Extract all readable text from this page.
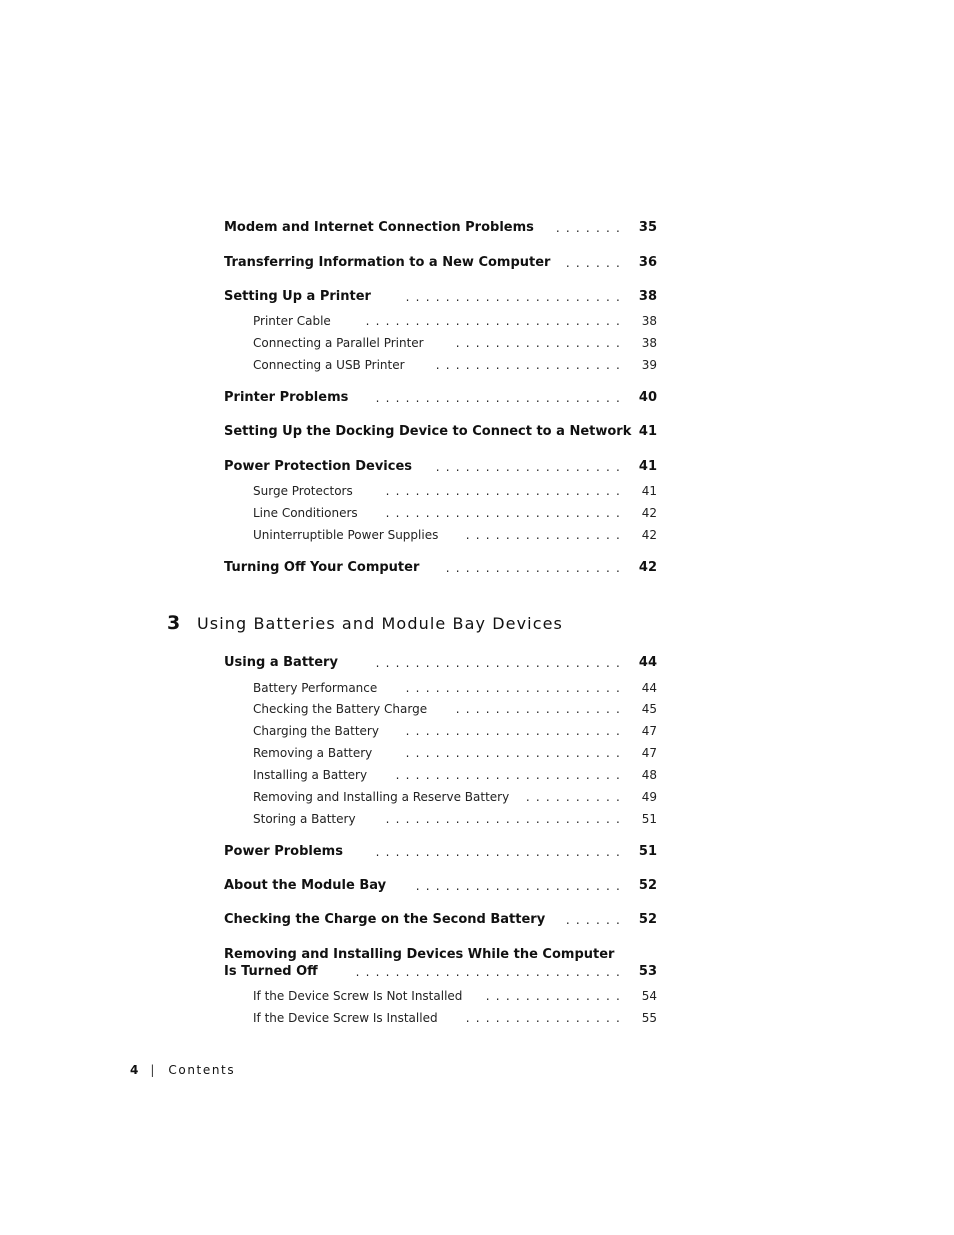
Modem and Internet Connection Problems	....... 35
Transferring Information to a New Computer	...... 36
Setting Up a Printer	...................... 38
Printer Cable	..........................	38
Connecting a Parallel Printer	.................	38
Connecting a USB Printer	...................	39
Printer Problems	......................... 40
Setting Up the Docking Device to Connect to a Network 41
Power Protection Devices	................... 41
Surge Protectors	........................	41
Line Conditioners	........................	42
Uninterruptible Power Supplies	................	42
Turning Off Your Computer	.................. 42
3 Using Batteries and Module Bay Devices
Using a Battery	......................... 44
Battery Performance	......................	44
Checking the Battery Charge	.................	45
Charging the Battery	......................	47
Removing a Battery	......................	47
Installing a Battery	.......................	48
Removing and Installing a Reserve Battery	..........	49
Storing a Battery	........................	51
Power Problems	......................... 51
About the Module Bay	..................... 52
Checking the Charge on the Second Battery	...... 52
Removing and Installing Devices While the Computer
Is Turned Off	........................... 53
If the Device Screw Is Not Installed	..............	54
If the Device Screw Is Installed	................	55
4 | Contents
